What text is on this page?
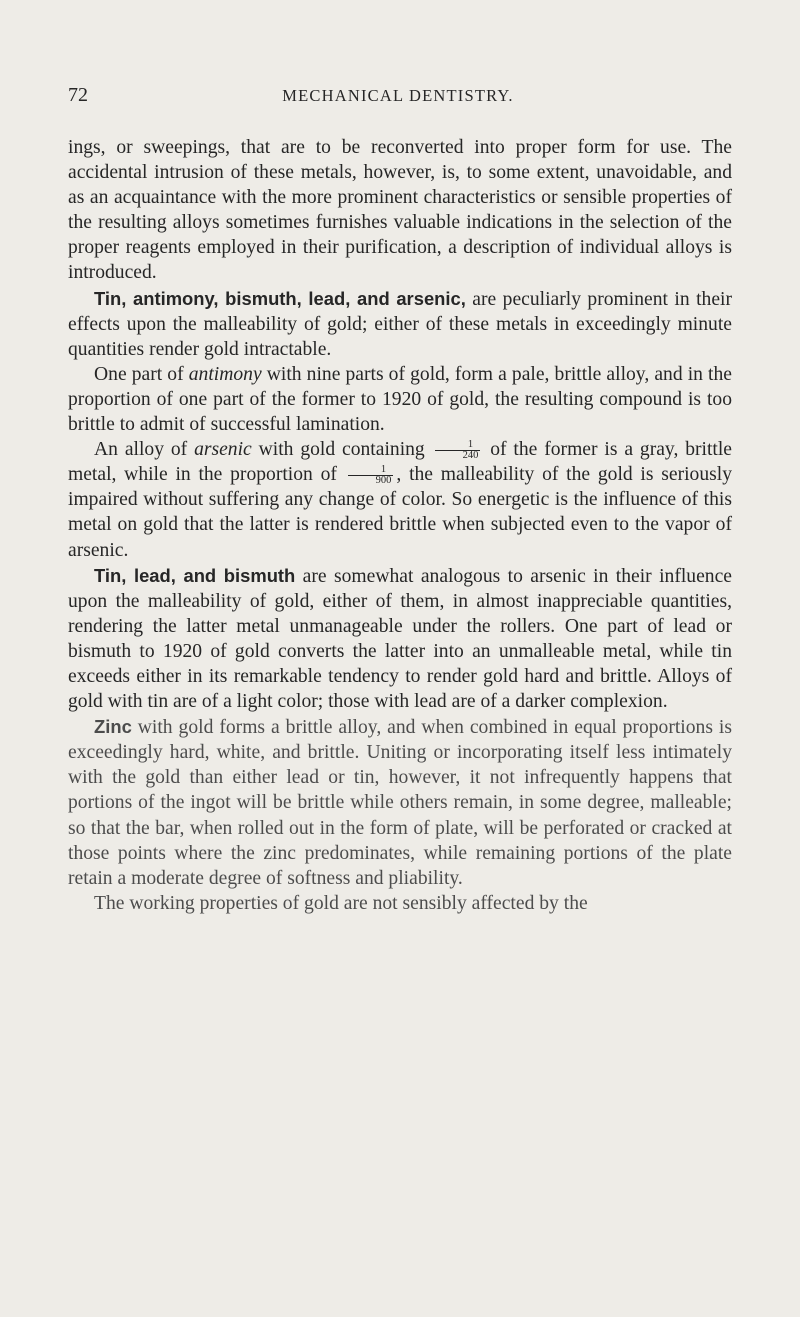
72	MECHANICAL DENTISTRY.

ings, or sweepings, that are to be reconverted into proper form for use. The accidental intrusion of these metals, however, is, to some extent, unavoidable, and as an acquaintance with the more prominent characteristics or sensible properties of the resulting alloys sometimes furnishes valuable indications in the selection of the proper reagents employed in their purification, a description of individual alloys is introduced.

Tin, antimony, bismuth, lead, and arsenic, are peculiarly prominent in their effects upon the malleability of gold; either of these metals in exceedingly minute quantities render gold intractable.

One part of antimony with nine parts of gold, form a pale, brittle alloy, and in the proportion of one part of the former to 1920 of gold, the resulting compound is too brittle to admit of successful lamination.

An alloy of arsenic with gold containing $\frac{1}{240}$ of the former is a gray, brittle metal, while in the proportion of $\frac{1}{900}$ , the malleability of the gold is seriously impaired without suffering any change of color. So energetic is the influence of this metal on gold that the latter is rendered brittle when subjected even to the vapor of arsenic.

Tin, lead, and bismuth are somewhat analogous to arsenic in their influence upon the malleability of gold, either of them, in almost inappreciable quantities, rendering the latter metal unmanageable under the rollers. One part of lead or bismuth to 1920 of gold converts the latter into an unmalleable metal, while tin exceeds either in its remarkable tendency to render gold hard and brittle. Alloys of gold with tin are of a light color; those with lead are of a darker complexion.

Zinc with gold forms a brittle alloy, and when combined in equal proportions is exceedingly hard, white, and brittle. Uniting or incorporating itself less intimately with the gold than either lead or tin, however, it not infrequently happens that portions of the ingot will be brittle while others remain, in some degree, malleable; so that the bar, when rolled out in the form of plate, will be perforated or cracked at those points where the zinc predominates, while remaining portions of the plate retain a moderate degree of softness and pliability.

The working properties of gold are not sensibly affected by the
